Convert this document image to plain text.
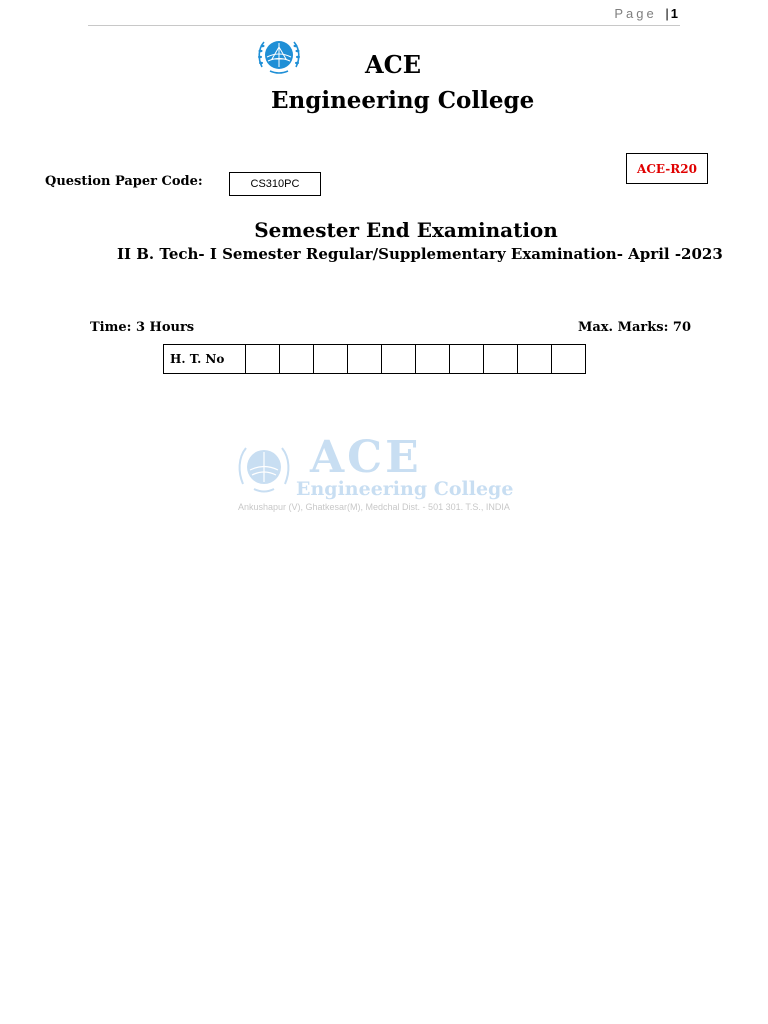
Page | 1
ACE
Engineering College
Question Paper Code:	CS310PC
ACE-R20
Semester End Examination
II B. Tech- I Semester Regular/Supplementary Examination- April -2023
Time: 3 Hours	Max. Marks: 70
H. T. No										
ACE
Engineering College
Ankushapur (V), Ghatkesar(M), Medchal Dist. - 501 301. T.S., INDIA
